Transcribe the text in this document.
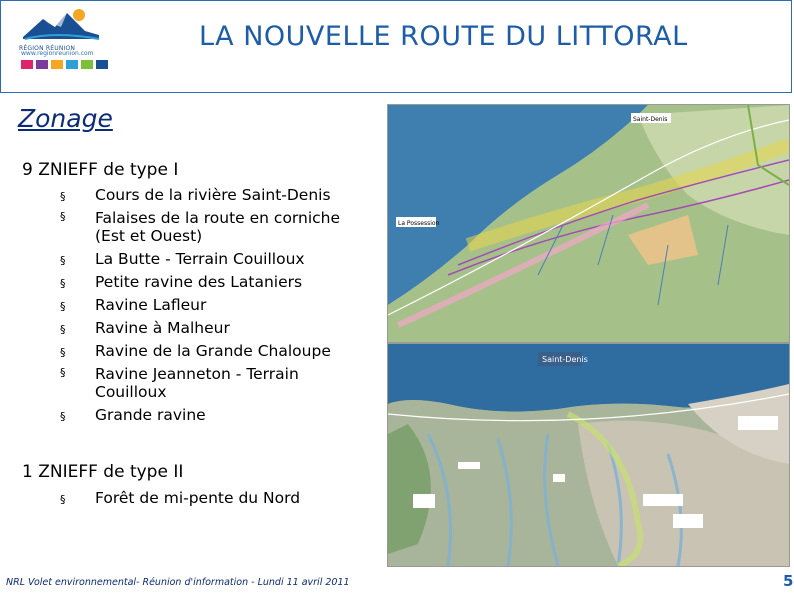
RÉGION RÉUNION
www.regionreunion.com
LA NOUVELLE ROUTE DU LITTORAL
Zonage
9 ZNIEFF de type I
§ Cours de la rivière Saint-Denis
§ Falaises de la route en corniche (Est et Ouest)
§ La Butte - Terrain Couilloux
§ Petite ravine des Lataniers
§ Ravine Lafleur
§ Ravine à Malheur
§ Ravine de la Grande Chaloupe
§ Ravine Jeanneton - Terrain Couilloux
§ Grande ravine
1 ZNIEFF de type II
§ Forêt de mi-pente du Nord
Saint-Denis
La Possession
Saint-Denis
NRL Volet environnemental- Réunion d'information - Lundi 11 avril 2011	5
